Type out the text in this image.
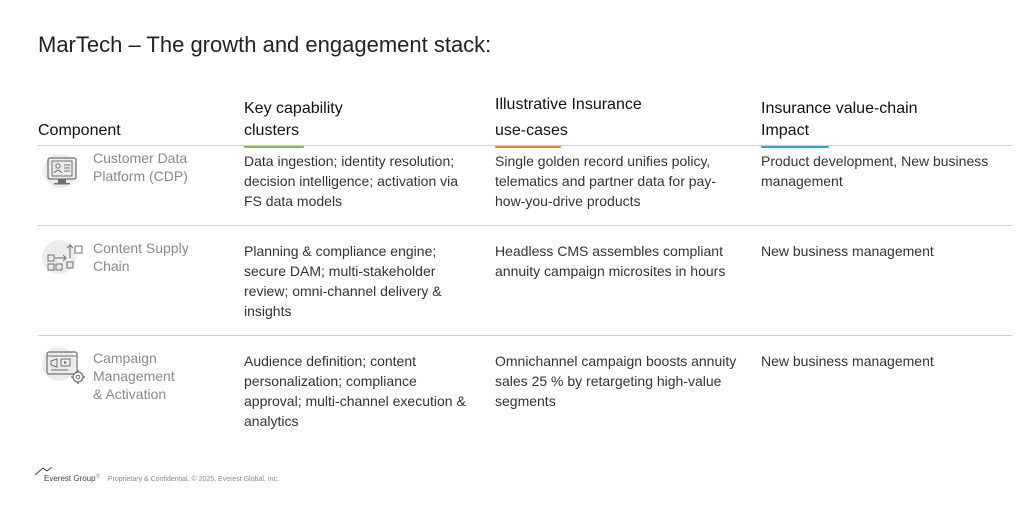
MarTech – The growth and engagement stack:
Component
Key capability
clusters
Illustrative Insurance
use-cases
Insurance value-chain
Impact
Customer Data
Platform (CDP)
Data ingestion; identity resolution; decision intelligence; activation via FS data models
Single golden record unifies policy, telematics and partner data for pay-how-you-drive products
Product development, New business management
Content Supply
Chain
Planning & compliance engine; secure DAM; multi-stakeholder review; omni-channel delivery & insights
Headless CMS assembles compliant annuity campaign microsites in hours
New business management
Campaign
Management
& Activation
Audience definition; content personalization; compliance approval; multi-channel execution & analytics
Omnichannel campaign boosts annuity sales 25 % by retargeting high-value segments
New business management
Everest Group® Proprietary & Confidential. © 2025, Everest Global, Inc.
